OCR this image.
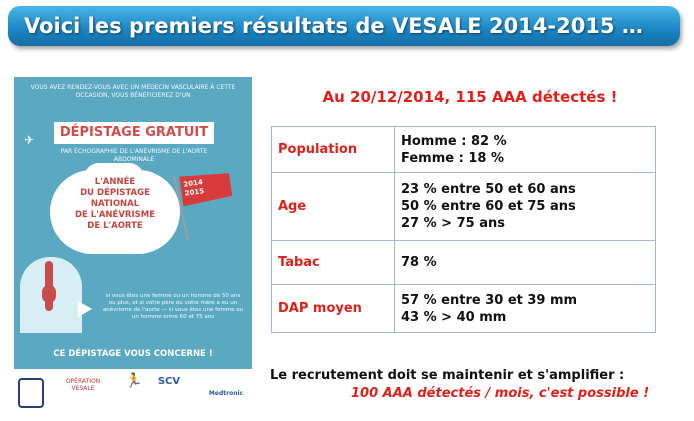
Voici les premiers résultats de VESALE 2014-2015 …
VOUS AVEZ RENDEZ-VOUS AVEC UN MÉDECIN VASCULAIRE À CETTE OCCASION, VOUS BÉNÉFICIEREZ D'UN
✈	DÉPISTAGE GRATUIT
PAR ÉCHOGRAPHIE DE L'ANÉVRISME DE L'AORTE ABDOMINALE
L'ANNÉE
DU DÉPISTAGE
NATIONAL
DE L'ANÉVRISME
DE L'AORTE
2014 2015
si vous êtes une femme ou un homme de 50 ans ou plus, et si votre père ou votre mère a eu un anévrisme de l'aorte — si vous êtes une femme ou un homme entre 60 et 75 ans
CE DÉPISTAGE VOUS CONCERNE !
OPÉRATION VESALE	🏃	SCV
Medtronic
Au 20/12/2014, 115 AAA détectés !
Population	Homme : 82 %
Femme : 18 %

Age	23 % entre 50 et 60 ans
50 % entre 60 et 75 ans
27 % > 75 ans

Tabac	78 %

DAP moyen	57 % entre 30 et 39 mm
43 % > 40 mm
Le recrutement doit se maintenir et s'amplifier :
100 AAA détectés / mois, c'est possible !
